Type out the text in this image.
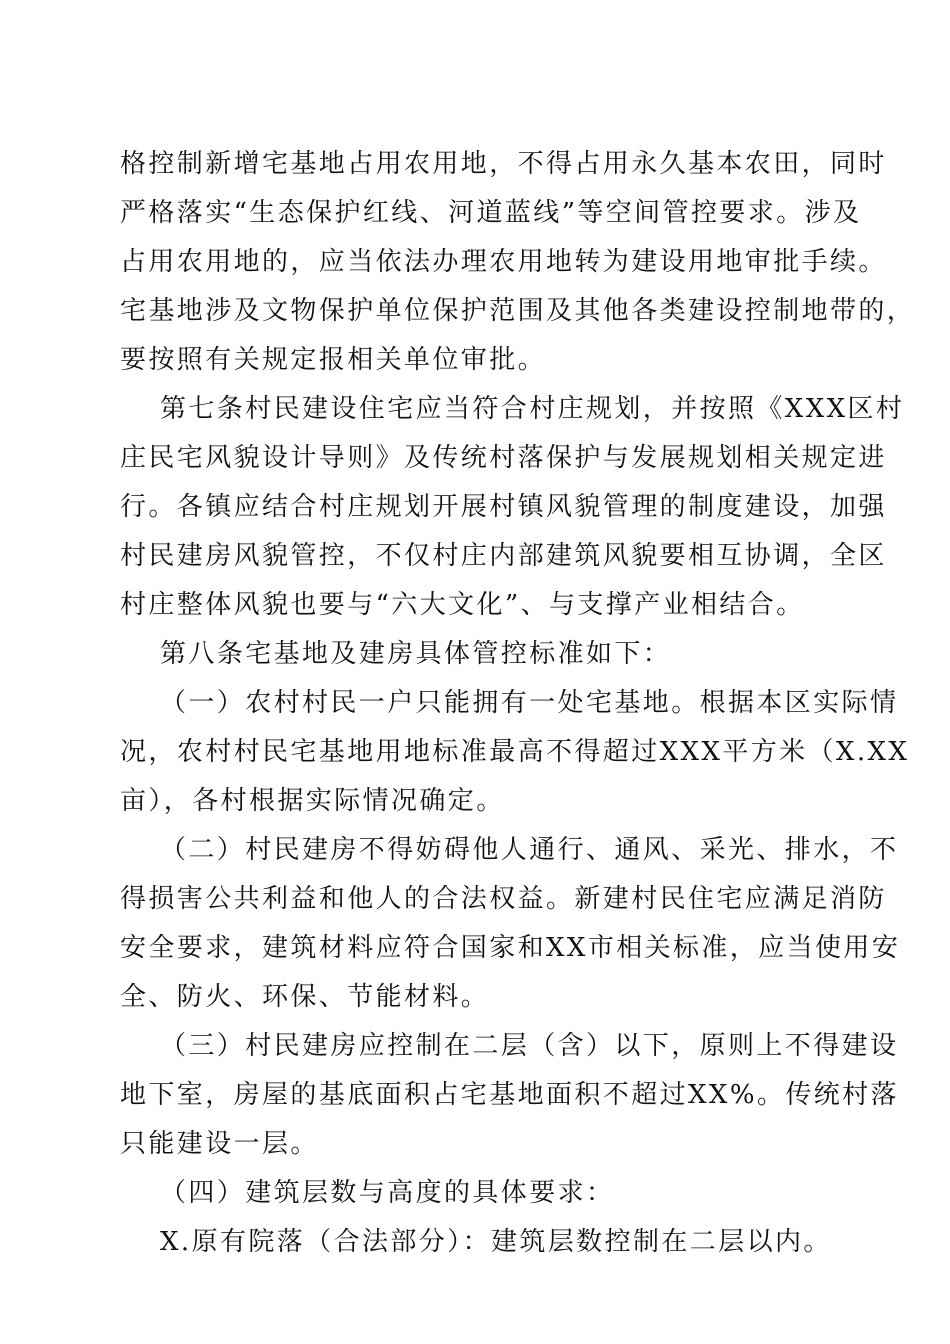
格控制新增宅基地占用农用地，不得占用永久基本农田，同时
严格落实“生态保护红线、河道蓝线”等空间管控要求。涉及
占用农用地的，应当依法办理农用地转为建设用地审批手续。
宅基地涉及文物保护单位保护范围及其他各类建设控制地带的，
要按照有关规定报相关单位审批。
第七条村民建设住宅应当符合村庄规划，并按照《XXX区村
庄民宅风貌设计导则》及传统村落保护与发展规划相关规定进
行。各镇应结合村庄规划开展村镇风貌管理的制度建设，加强
村民建房风貌管控，不仅村庄内部建筑风貌要相互协调，全区
村庄整体风貌也要与“六大文化”、与支撑产业相结合。
第八条宅基地及建房具体管控标准如下：
（一）农村村民一户只能拥有一处宅基地。根据本区实际情
况，农村村民宅基地用地标准最高不得超过XXX平方米（X.XX
亩），各村根据实际情况确定。
（二）村民建房不得妨碍他人通行、通风、采光、排水，不
得损害公共利益和他人的合法权益。新建村民住宅应满足消防
安全要求，建筑材料应符合国家和XX市相关标准，应当使用安
全、防火、环保、节能材料。
（三）村民建房应控制在二层（含）以下，原则上不得建设
地下室，房屋的基底面积占宅基地面积不超过XX%。传统村落
只能建设一层。
（四）建筑层数与高度的具体要求：
X.原有院落（合法部分）：建筑层数控制在二层以内。
